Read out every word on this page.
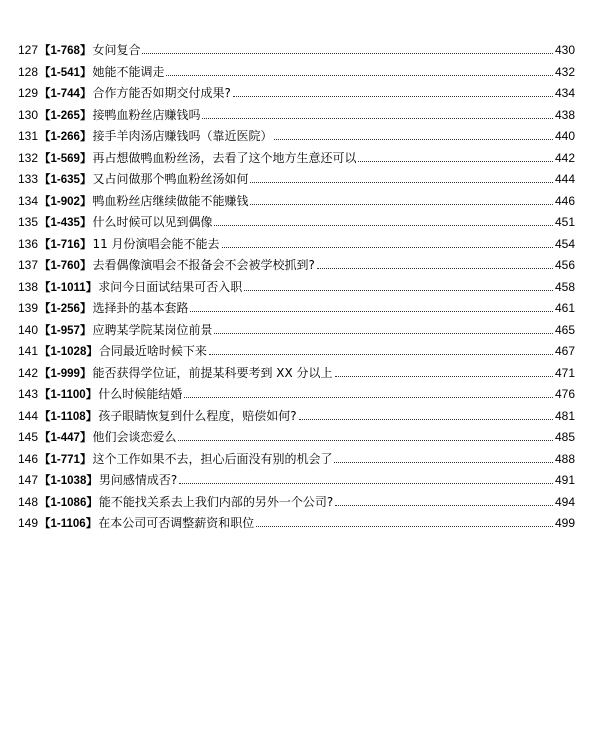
127 【1-768】 女问复合	430
128 【1-541】 她能不能调走	432
129 【1-744】 合作方能否如期交付成果?	434
130 【1-265】 接鸭血粉丝店赚钱吗	438
131 【1-266】 接手羊肉汤店赚钱吗（靠近医院）	440
132 【1-569】 再占想做鸭血粉丝汤，去看了这个地方生意还可以	442
133 【1-635】 又占问做那个鸭血粉丝汤如何	444
134 【1-902】 鸭血粉丝店继续做能不能赚钱	446
135 【1-435】 什么时候可以见到偶像	451
136 【1-716】 11 月份演唱会能不能去	454
137 【1-760】 去看偶像演唱会不报备会不会被学校抓到?	456
138 【1-1011】 求问今日面试结果可否入职	458
139 【1-256】 选择卦的基本套路	461
140 【1-957】 应聘某学院某岗位前景	465
141 【1-1028】 合同最近啥时候下来	467
142 【1-999】 能否获得学位证，前提某科要考到 XX 分以上	471
143 【1-1100】 什么时候能结婚	476
144 【1-1108】 孩子眼睛恢复到什么程度，赔偿如何?	481
145 【1-447】 他们会谈恋爱么	485
146 【1-771】 这个工作如果不去，担心后面没有别的机会了	488
147 【1-1038】 男问感情成否?	491
148 【1-1086】 能不能找关系去上我们内部的另外一个公司?	494
149 【1-1106】 在本公司可否调整薪资和职位	499
